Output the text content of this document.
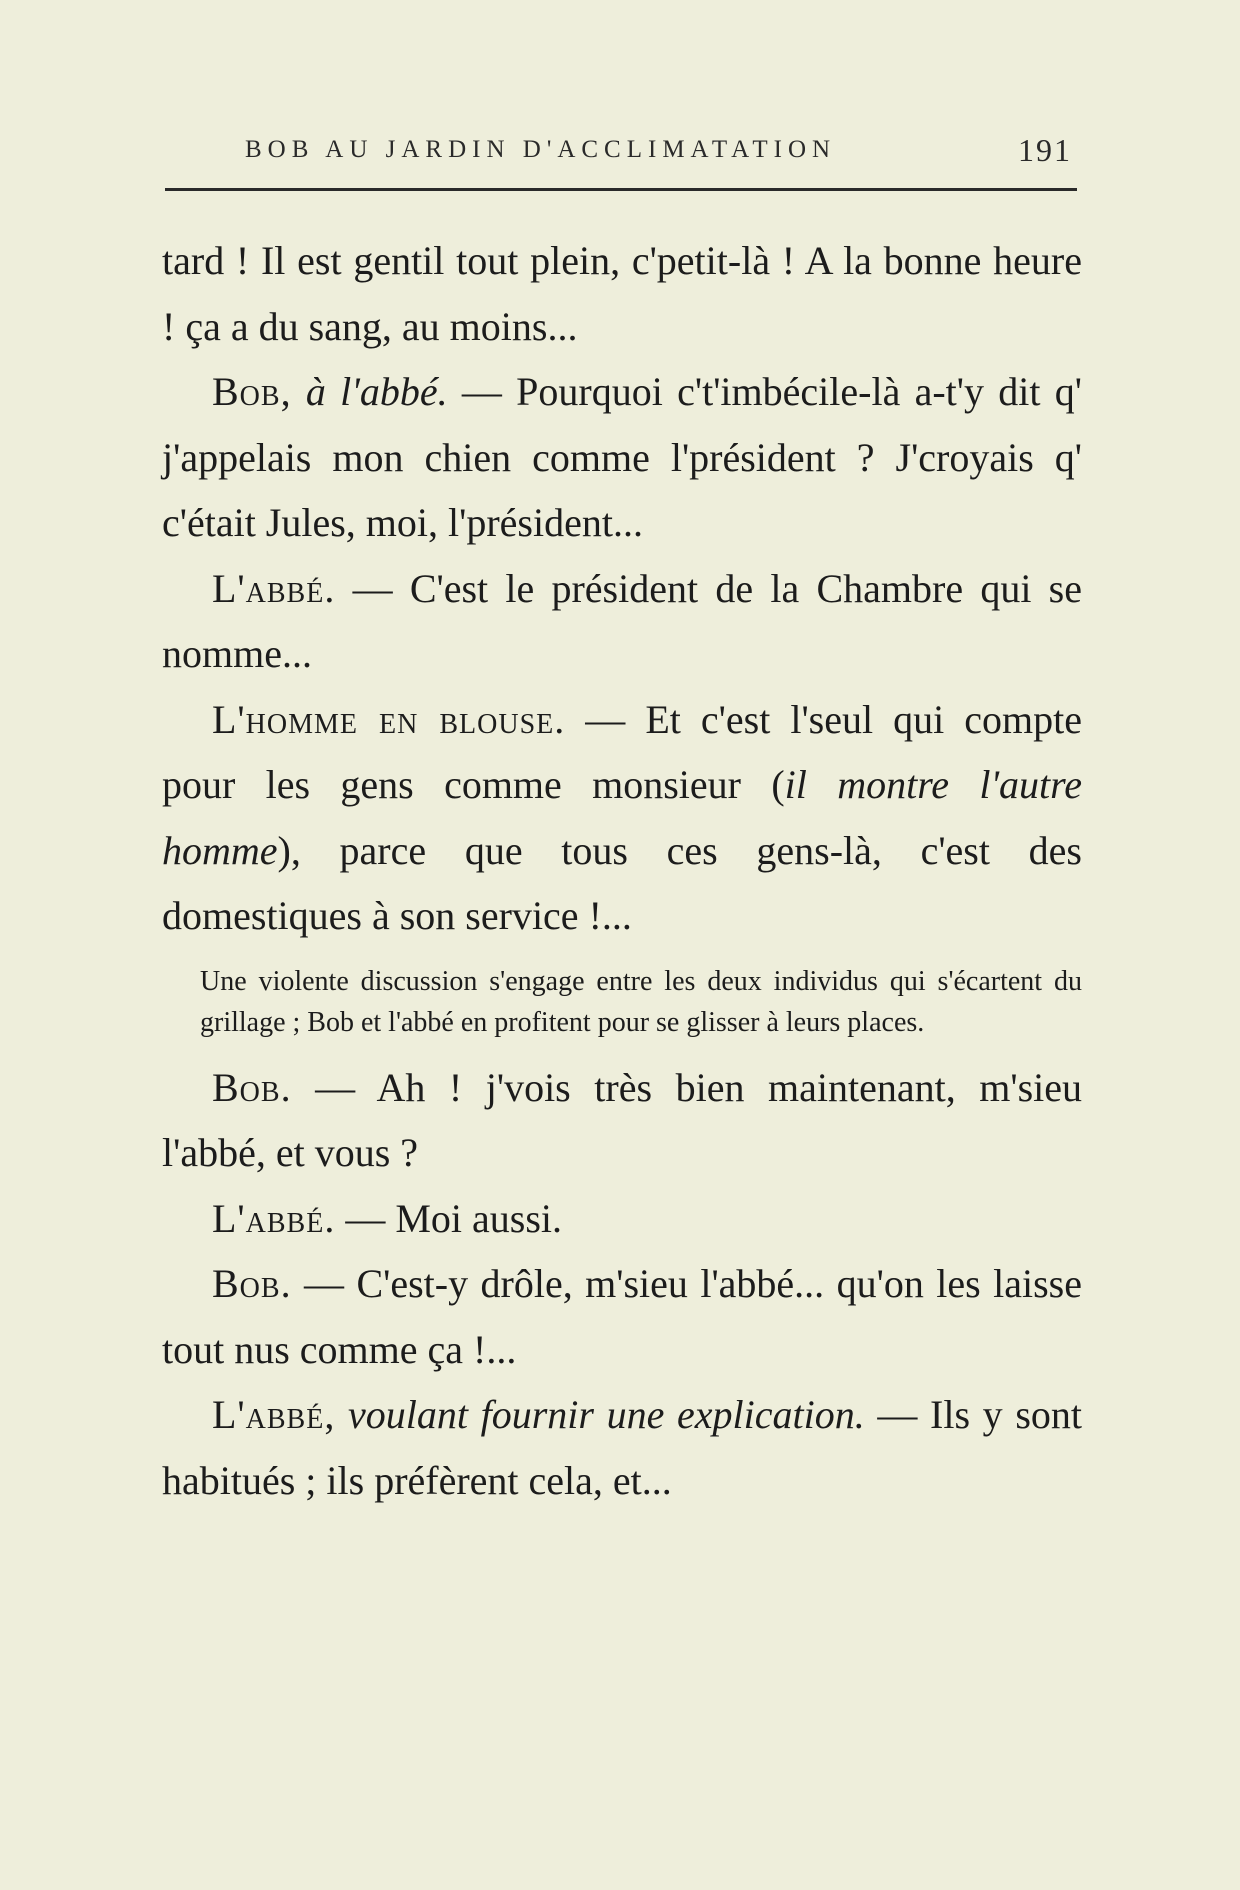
BOB AU JARDIN D'ACCLIMATATION	191

tard ! Il est gentil tout plein, c'petit-là ! A la bonne heure ! ça a du sang, au moins...

Bob, à l'abbé. — Pourquoi c't'imbécile-là a-t'y dit q' j'appelais mon chien comme l'président ? J'croyais q' c'était Jules, moi, l'président...

L'abbé. — C'est le président de la Chambre qui se nomme...

L'homme en blouse. — Et c'est l'seul qui compte pour les gens comme monsieur (il montre l'autre homme), parce que tous ces gens-là, c'est des domestiques à son service !...

Une violente discussion s'engage entre les deux individus qui s'écartent du grillage ; Bob et l'abbé en profitent pour se glisser à leurs places.

Bob. — Ah ! j'vois très bien maintenant, m'sieu l'abbé, et vous ?

L'abbé. — Moi aussi.

Bob. — C'est-y drôle, m'sieu l'abbé... qu'on les laisse tout nus comme ça !...

L'abbé, voulant fournir une explication. — Ils y sont habitués ; ils préfèrent cela, et...
